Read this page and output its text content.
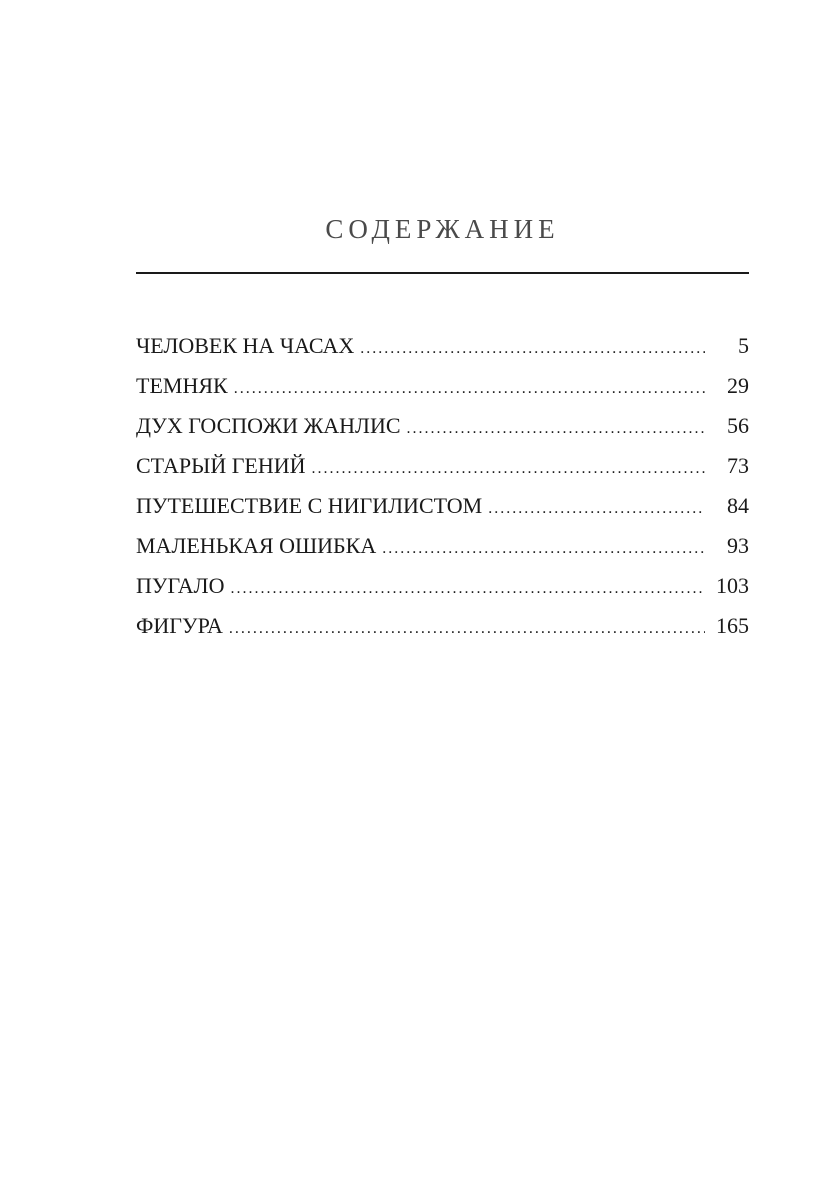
СОДЕРЖАНИЕ
ЧЕЛОВЕК НА ЧАСАХ . . .	5
ТЕМНЯК . . .	29
ДУХ ГОСПОЖИ ЖАНЛИС . . .	56
СТАРЫЙ ГЕНИЙ . . .	73
ПУТЕШЕСТВИЕ С НИГИЛИСТОМ . . .	84
МАЛЕНЬКАЯ ОШИБКА . . .	93
ПУГАЛО . . .	103
ФИГУРА . . .	165
